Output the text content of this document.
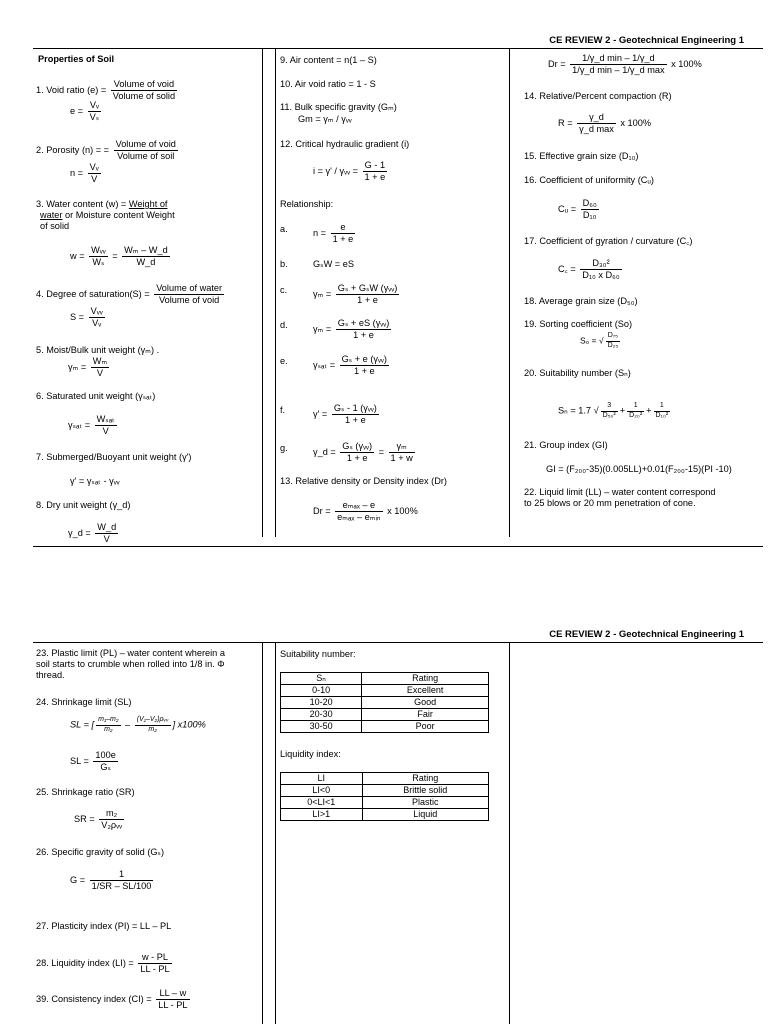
CE REVIEW 2 - Geotechnical Engineering 1
Properties of Soil
1. Void ratio $(e) = \frac{\text{Volume of void}}{\text{Volume of solid}}$
$e = \frac{\text{Vᵥ}}{\text{Vₛ}}$
2. Porosity (n) = = $\frac{\text{Volume of void}}{\text{Volume of soil}}$
$n = \frac{\text{Vᵥ}}{V}$
3. Water content (w) = Weight of
water or Moisture content Weight
of solid
$w = \frac{\text{Wᵥᵥ}}{\text{Wₛ}} = \frac{\text{Wₘ – W\_d}}{W\_d}$
4. Degree of saturation(S) = $\frac{\text{Volume of water}}{\text{Volume of void}}$
$S = \frac{\text{Vᵥᵥ}}{\text{Vᵥ}}$
5. Moist/Bulk unit weight (γₘ) .
$\gamma_m = \frac{\text{Wₘ}}{V}$
6. Saturated unit weight (γₛₐₜ)
$\gamma_{sat} = \frac{\text{Wₛₐₜ}}{V}$
7. Submerged/Buoyant unit weight (γ')
γ' = γₛₐₜ - γᵥᵥ
8. Dry unit weight (γ_d)
γ_d = $\frac{W\_d}{V}$
9. Air content = n(1 – S)
10. Air void ratio = 1 - S
11. Bulk specific gravity (Gₘ)
Gm = γₘ / γᵥᵥ
12. Critical hydraulic gradient (i)
i = γ' / γᵥᵥ = $\frac{G - 1}{1 + e}$
Relationship:
a.	$n = \frac{e}{1 + e}$
b.	GₛW = eS
c.	$\gamma_m = \frac{\text{Gₛ + GₛW (γᵥᵥ)}}{1 + e}$
d.	$\gamma_m = \frac{\text{Gₛ + eS (γᵥᵥ)}}{1 + e}$
e.	$\gamma_{sat} = \frac{\text{Gₛ + e (γᵥᵥ)}}{1 + e}$
f.	$\gamma' = \frac{\text{Gₛ - 1 (γᵥᵥ)}}{1 + e}$
g.	γ_d = $\frac{\text{Gₛ (γᵥᵥ)}}{1 + e} = \frac{\text{γₘ}}{1 + w}$
13. Relative density or Density index (Dr)
$Dr = \frac{\text{eₘₐₓ – e}}{\text{eₘₐₓ – eₘᵢₙ}}$ x 100%
$Dr = \frac{\text{1/γ\_d min – 1/γ\_d}}{\text{1/γ\_d min – 1/γ\_d max}}$ x 100%
14. Relative/Percent compaction (R)
$R = \frac{\gamma\_d}{\text{γ\_d max}}$ x 100%
15. Effective grain size (D₁₀)
16. Coefficient of uniformity (Cᵤ)
Cᵤ = $\frac{\text{D₆₀}}{\text{D₁₀}}$
17. Coefficient of gyration / curvature (C꜀)
C꜀ = $\frac{\text{D₃₀²}}{\text{D₁₀ x D₆₀}}$
18. Average grain size (D₅₀)
19. Sorting coefficient (So)
S₀ = √ $\frac{\text{D₇₅}}{\text{D₂₅}}$
20. Suitability number (Sₙ)
Sₙ = 1.7 √ $\frac{3}{\text{D₅₀²}} + \frac{1}{\text{D₂₀²}} + \frac{1}{\text{D₁₀²}}$
21. Group index (GI)
GI = (F₂₀₀-35)(0.005LL)+0.01(F₂₀₀-15)(PI -10)
22. Liquid limit (LL) – water content correspond
to 25 blows or 20 mm penetration of cone.
CE REVIEW 2 - Geotechnical Engineering 1
23. Plastic limit (PL) – water content wherein a
soil starts to crumble when rolled into 1/8 in. Φ
thread.
24. Shrinkage limit (SL)
SL = [ $\frac{\text{m₁–m₂}}{\text{m₂}} - \frac{\text{(V₁–V₂)ρᵥᵥ}}{\text{m₂}}$ ] x100%
SL = $\frac{100e}{\text{Gₛ}}$
25. Shrinkage ratio (SR)
SR = $\frac{\text{m₂}}{\text{V₂ρᵥᵥ}}$
26. Specific gravity of solid (Gₛ)
$G = \frac{1}{1/SR - SL/100}$
27. Plasticity index (PI) = LL – PL
28. Liquidity index $(LI) = \frac{w - PL}{LL - PL}$
39. Consistency index $(CI) = \frac{LL - w}{LL - PL}$
Suitability number:
Sₙ	Rating
0-10	Excellent
10-20	Good
20-30	Fair
30-50	Poor
Liquidity index:
LI	Rating
LI<0	Brittle solid
0<LI<1	Plastic
LI>1	Liquid
